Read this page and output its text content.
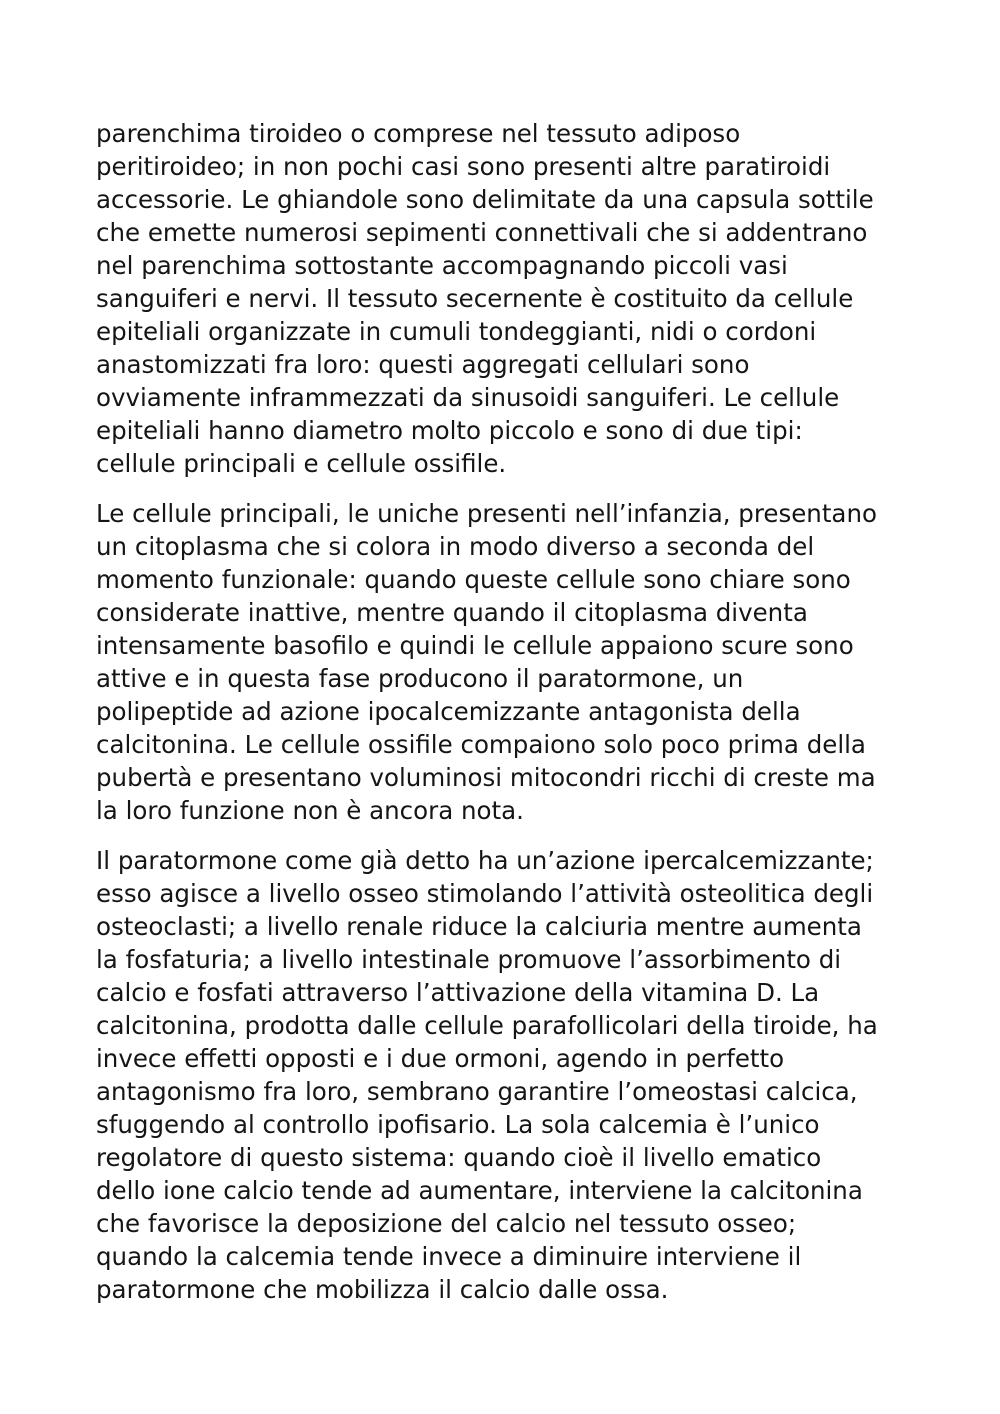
parenchima tiroideo o comprese nel tessuto adiposo
peritiroideo; in non pochi casi sono presenti altre paratiroidi
accessorie. Le ghiandole sono delimitate da una capsula sottile
che emette numerosi sepimenti connettivali che si addentrano
nel parenchima sottostante accompagnando piccoli vasi
sanguiferi e nervi. Il tessuto secernente è costituito da cellule
epiteliali organizzate in cumuli tondeggianti, nidi o cordoni
anastomizzati fra loro: questi aggregati cellulari sono
ovviamente inframmezzati da sinusoidi sanguiferi. Le cellule
epiteliali hanno diametro molto piccolo e sono di due tipi:
cellule principali e cellule ossifile.
Le cellule principali, le uniche presenti nell’infanzia, presentano
un citoplasma che si colora in modo diverso a seconda del
momento funzionale: quando queste cellule sono chiare sono
considerate inattive, mentre quando il citoplasma diventa
intensamente basofilo e quindi le cellule appaiono scure sono
attive e in questa fase producono il paratormone, un
polipeptide ad azione ipocalcemizzante antagonista della
calcitonina. Le cellule ossifile compaiono solo poco prima della
pubertà e presentano voluminosi mitocondri ricchi di creste ma
la loro funzione non è ancora nota.
Il paratormone come già detto ha un’azione ipercalcemizzante;
esso agisce a livello osseo stimolando l’attività osteolitica degli
osteoclasti; a livello renale riduce la calciuria mentre aumenta
la fosfaturia; a livello intestinale promuove l’assorbimento di
calcio e fosfati attraverso l’attivazione della vitamina D. La
calcitonina, prodotta dalle cellule parafollicolari della tiroide, ha
invece effetti opposti e i due ormoni, agendo in perfetto
antagonismo fra loro, sembrano garantire l’omeostasi calcica,
sfuggendo al controllo ipofisario. La sola calcemia è l’unico
regolatore di questo sistema: quando cioè il livello ematico
dello ione calcio tende ad aumentare, interviene la calcitonina
che favorisce la deposizione del calcio nel tessuto osseo;
quando la calcemia tende invece a diminuire interviene il
paratormone che mobilizza il calcio dalle ossa.
